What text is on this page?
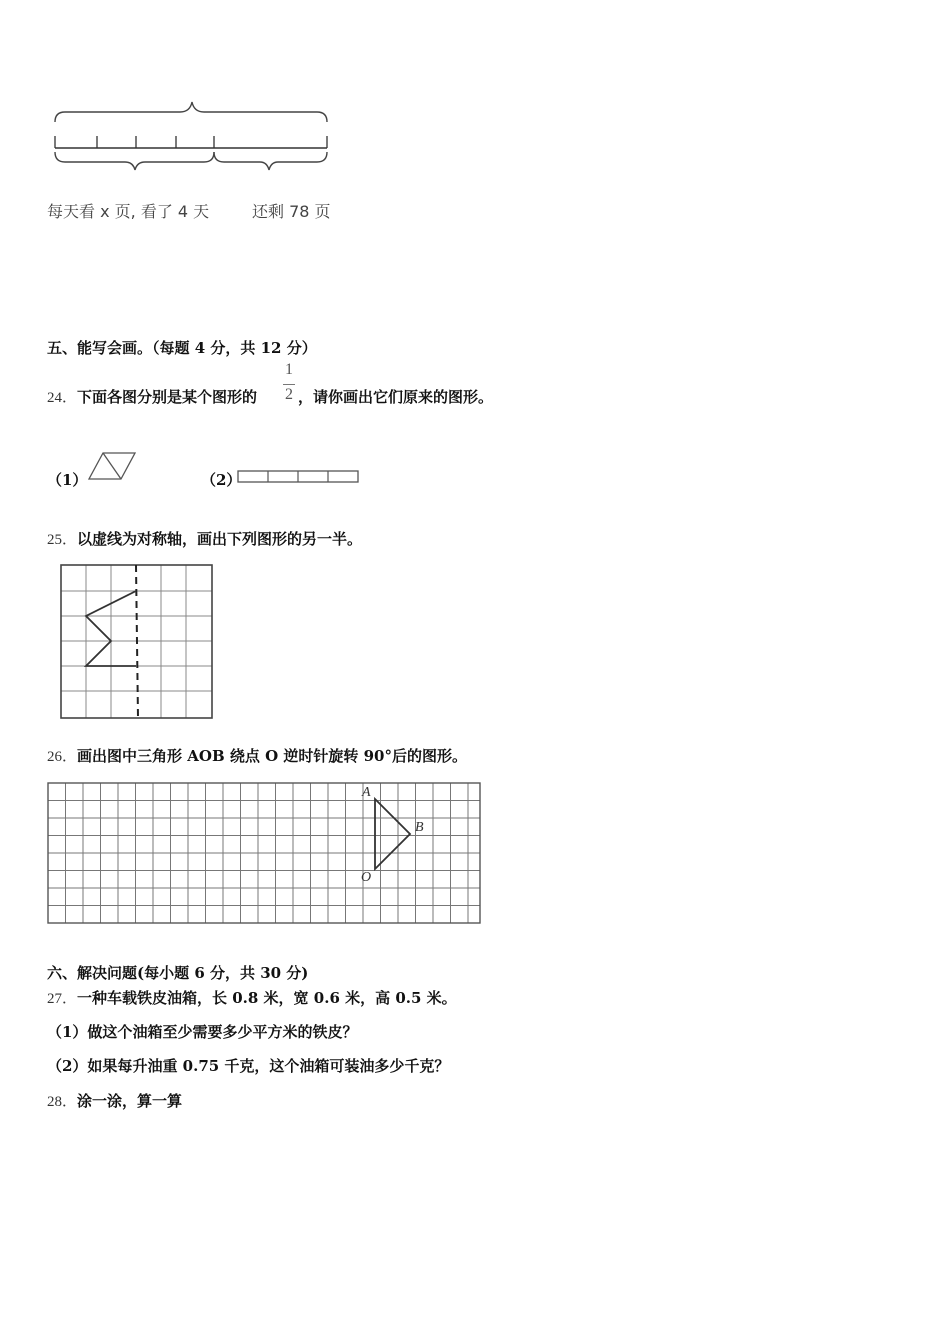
每天看 x 页, 看了 4 天	还剩 78 页
五、能写会画。（每题 4 分，共 12 分）
24．下面各图分别是某个图形的
1
2 ，请你画出它们原来的图形。
（1）	（2）
25．以虚线为对称轴，画出下列图形的另一半。
26．画出图中三角形 AOB 绕点 O 逆时针旋转 90°后的图形。
A
B
O
六、解决问题(每小题 6 分，共 30 分)
27．一种车载铁皮油箱，长 0.8 米，宽 0.6 米，高 0.5 米。
（1）做这个油箱至少需要多少平方米的铁皮？
（2）如果每升油重 0.75 千克，这个油箱可装油多少千克？
28．涂一涂，算一算
